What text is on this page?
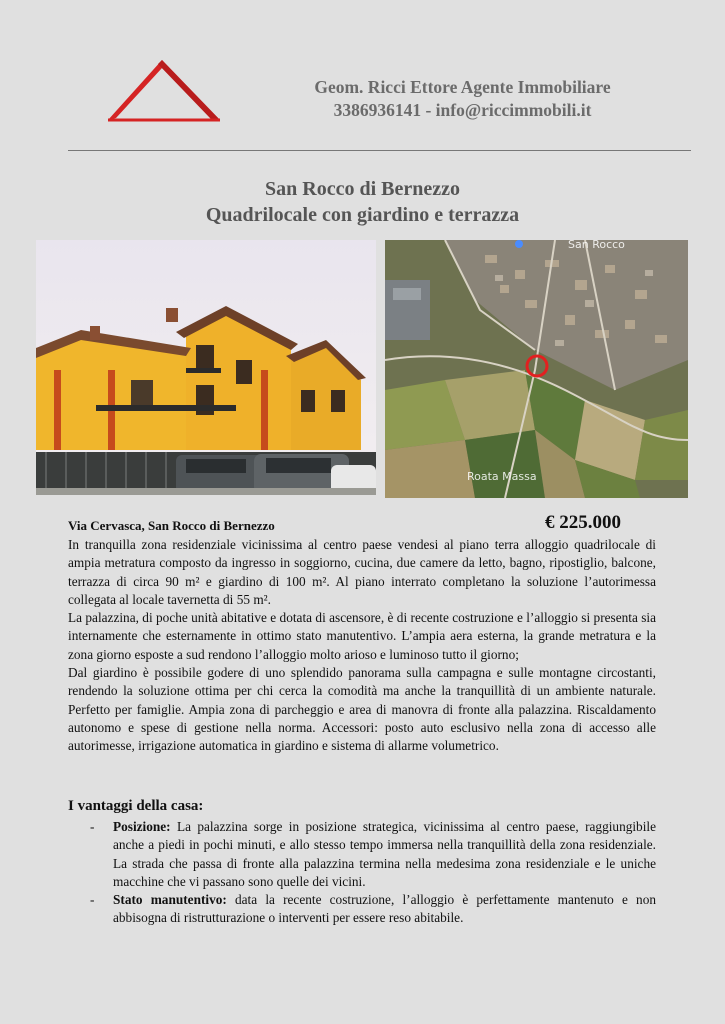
Geom. Ricci Ettore Agente Immobiliare
3386936141 - info@riccimmobili.it
San Rocco di Bernezzo
Quadrilocale con giardino e terrazza
San Rocco
Roata Massa
Via Cervasca, San Rocco di Bernezzo	€ 225.000

In tranquilla zona residenziale vicinissima al centro paese vendesi al piano terra alloggio quadrilocale di ampia metratura composto da ingresso in soggiorno, cucina, due camere da letto, bagno, ripostiglio, balcone, terrazza di circa 90 m² e giardino di 100 m². Al piano interrato completano la soluzione l’autorimessa collegata al locale tavernetta di 55 m².

La palazzina, di poche unità abitative e dotata di ascensore, è di recente costruzione e l’alloggio si presenta sia internamente che esternamente in ottimo stato manutentivo. L’ampia aera esterna, la grande metratura e la zona giorno esposte a sud rendono l’alloggio molto arioso e luminoso tutto il giorno;

Dal giardino è possibile godere di uno splendido panorama sulla campagna e sulle montagne circostanti, rendendo la soluzione ottima per chi cerca la comodità ma anche la tranquillità di un ambiente naturale. Perfetto per famiglie. Ampia zona di parcheggio e area di manovra di fronte alla palazzina. Riscaldamento autonomo e spese di gestione nella norma. Accessori: posto auto esclusivo nella zona di accesso alle autorimesse, irrigazione automatica in giardino e sistema di allarme volumetrico.

I vantaggi della casa:
- Posizione: La palazzina sorge in posizione strategica, vicinissima al centro paese, raggiungibile anche a piedi in pochi minuti, e allo stesso tempo immersa nella tranquillità della zona residenziale. La strada che passa di fronte alla palazzina termina nella medesima zona residenziale e le uniche macchine che vi passano sono quelle dei vicini.
- Stato manutentivo: data la recente costruzione, l’alloggio è perfettamente mantenuto e non abbisogna di ristrutturazione o interventi per essere reso abitabile.
